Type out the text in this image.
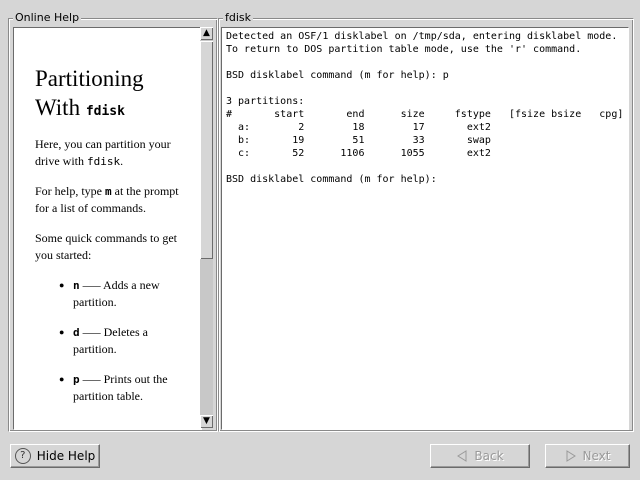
Online Help
Partitioning With fdisk

Here, you can partition your drive with fdisk.

For help, type m at the prompt for a list of commands.

Some quick commands to get you started:

● n —– Adds a new partition.
● d —– Deletes a partition.
● p —– Prints out the partition table.
▲
▼
fdisk
Detected an OSF/1 disklabel on /tmp/sda, entering disklabel mode.
To return to DOS partition table mode, use the 'r' command.

BSD disklabel command (m for help): p

3 partitions:
#       start       end      size     fstype   [fsize bsize   cpg]
a:        2        18        17       ext2
b:       19        51        33       swap
c:       52      1106      1055       ext2

BSD disklabel command (m for help):
? Hide Help	Back	Next
